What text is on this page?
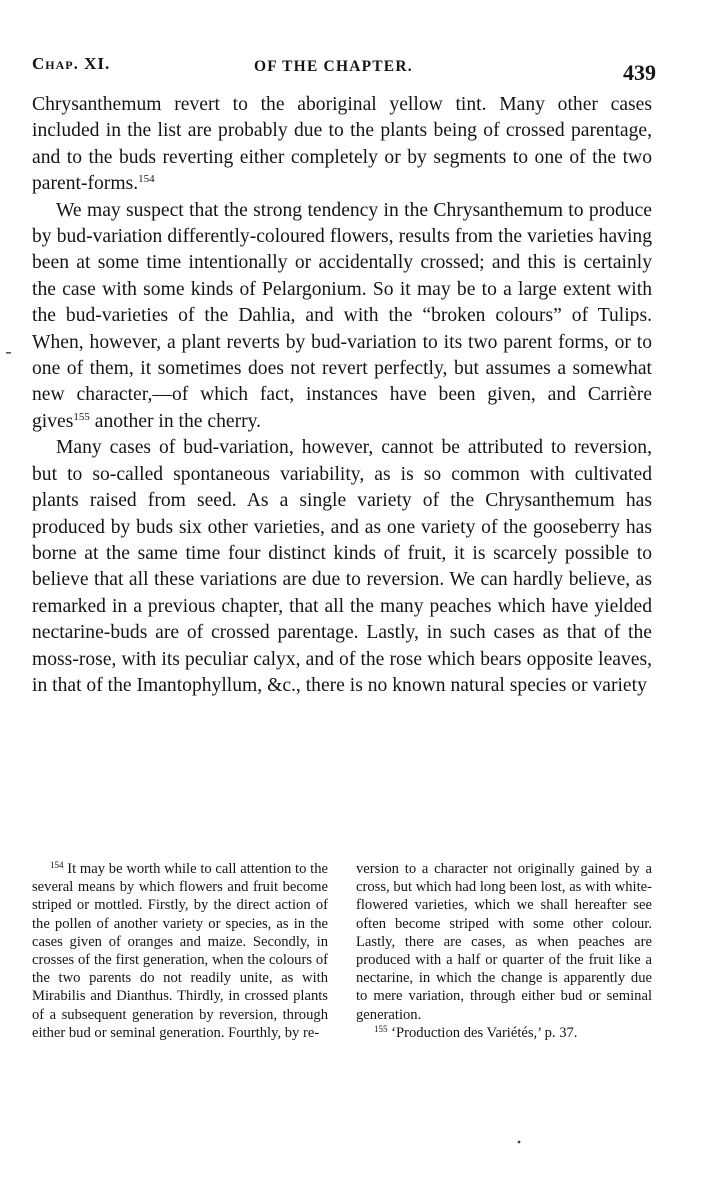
Chap. XI.	OF THE CHAPTER.	439

Chrysanthemum revert to the aboriginal yellow tint. Many other cases included in the list are probably due to the plants being of crossed parentage, and to the buds reverting either completely or by segments to one of the two parent-forms.$^{154}$

We may suspect that the strong tendency in the Chrysanthemum to produce by bud-variation differently-coloured flowers, results from the varieties having been at some time intentionally or accidentally crossed; and this is certainly the case with some kinds of Pelargonium. So it may be to a large extent with the bud-varieties of the Dahlia, and with the “broken colours” of Tulips. When, however, a plant reverts by bud-variation to its two parent forms, or to one of them, it sometimes does not revert perfectly, but assumes a somewhat new character,—of which fact, instances have been given, and Carrière gives$^{155}$ another in the cherry.

Many cases of bud-variation, however, cannot be attributed to reversion, but to so-called spontaneous variability, as is so common with cultivated plants raised from seed. As a single variety of the Chrysanthemum has produced by buds six other varieties, and as one variety of the gooseberry has borne at the same time four distinct kinds of fruit, it is scarcely possible to believe that all these variations are due to reversion. We can hardly believe, as remarked in a previous chapter, that all the many peaches which have yielded nectarine-buds are of crossed parentage. Lastly, in such cases as that of the moss-rose, with its peculiar calyx, and of the rose which bears opposite leaves, in that of the Imantophyllum, &c., there is no known natural species or variety

$^{154}$ It may be worth while to call attention to the several means by which flowers and fruit become striped or mottled. Firstly, by the direct action of the pollen of another variety or species, as in the cases given of oranges and maize. Secondly, in crosses of the first generation, when the colours of the two parents do not readily unite, as with Mirabilis and Dianthus. Thirdly, in crossed plants of a subsequent generation by reversion, through either bud or seminal generation. Fourthly, by re-

version to a character not originally gained by a cross, but which had long been lost, as with white-flowered varieties, which we shall hereafter see often become striped with some other colour. Lastly, there are cases, as when peaches are produced with a half or quarter of the fruit like a nectarine, in which the change is apparently due to mere variation, through either bud or seminal generation.

$^{155}$ ‘Production des Variétés,’ p. 37.
